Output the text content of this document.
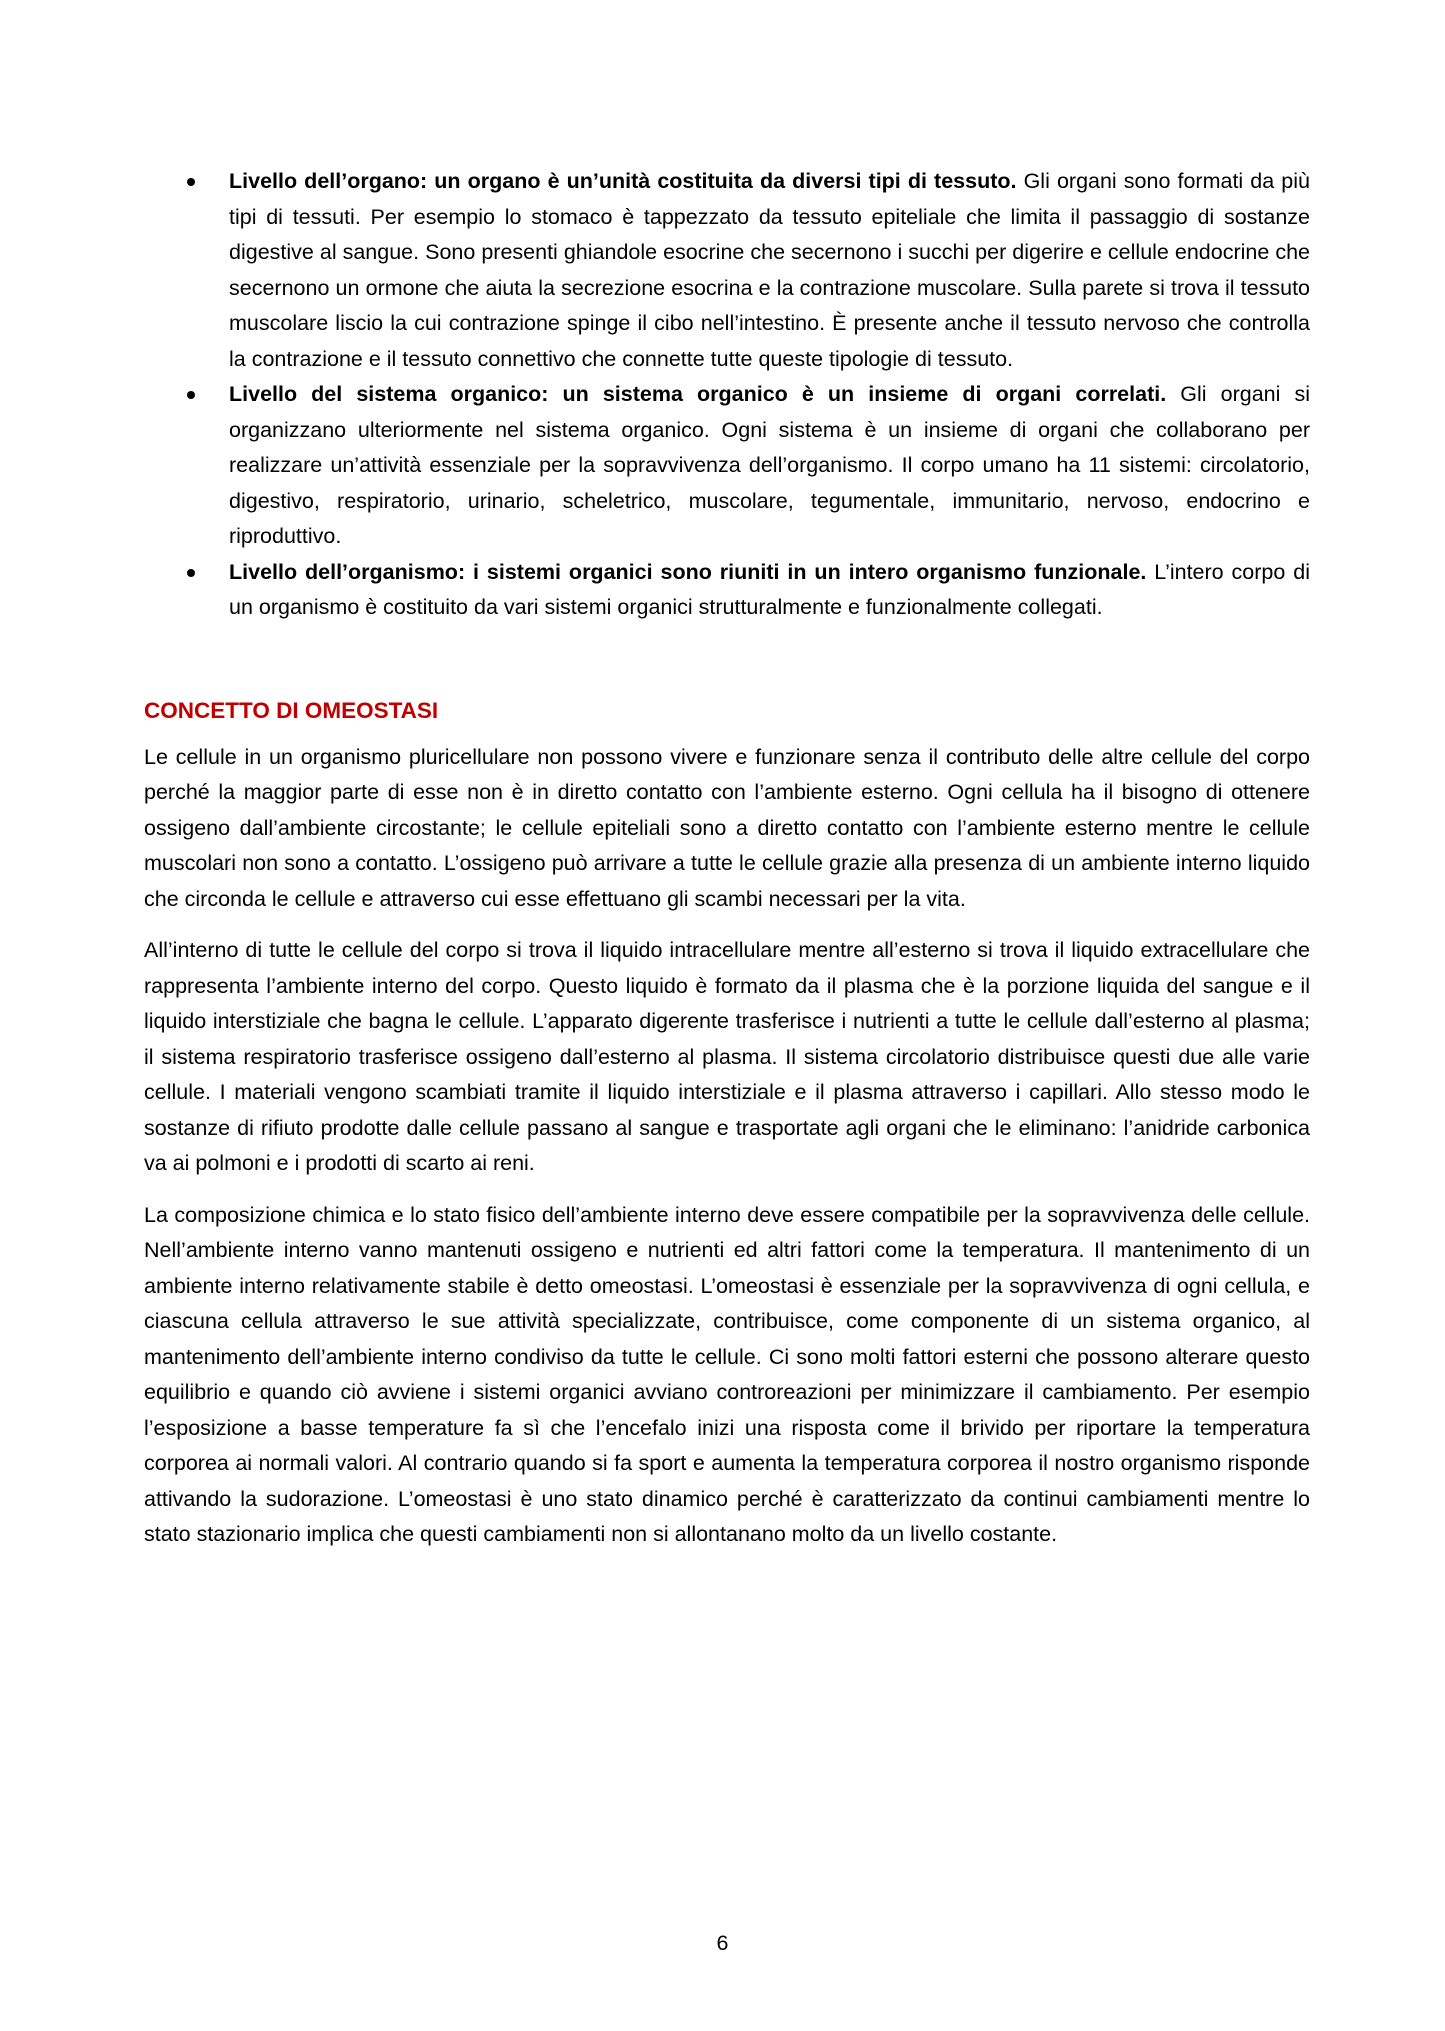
Livello dell’organo: un organo è un’unità costituita da diversi tipi di tessuto. Gli organi sono formati da più tipi di tessuti. Per esempio lo stomaco è tappezzato da tessuto epiteliale che limita il passaggio di sostanze digestive al sangue. Sono presenti ghiandole esocrine che secernono i succhi per digerire e cellule endocrine che secernono un ormone che aiuta la secrezione esocrina e la contrazione muscolare. Sulla parete si trova il tessuto muscolare liscio la cui contrazione spinge il cibo nell’intestino. È presente anche il tessuto nervoso che controlla la contrazione e il tessuto connettivo che connette tutte queste tipologie di tessuto.
Livello del sistema organico: un sistema organico è un insieme di organi correlati. Gli organi si organizzano ulteriormente nel sistema organico. Ogni sistema è un insieme di organi che collaborano per realizzare un’attività essenziale per la sopravvivenza dell’organismo. Il corpo umano ha 11 sistemi: circolatorio, digestivo, respiratorio, urinario, scheletrico, muscolare, tegumentale, immunitario, nervoso, endocrino e riproduttivo.
Livello dell’organismo: i sistemi organici sono riuniti in un intero organismo funzionale. L’intero corpo di un organismo è costituito da vari sistemi organici strutturalmente e funzionalmente collegati.
CONCETTO DI OMEOSTASI

Le cellule in un organismo pluricellulare non possono vivere e funzionare senza il contributo delle altre cellule del corpo perché la maggior parte di esse non è in diretto contatto con l’ambiente esterno. Ogni cellula ha il bisogno di ottenere ossigeno dall’ambiente circostante; le cellule epiteliali sono a diretto contatto con l’ambiente esterno mentre le cellule muscolari non sono a contatto. L’ossigeno può arrivare a tutte le cellule grazie alla presenza di un ambiente interno liquido che circonda le cellule e attraverso cui esse effettuano gli scambi necessari per la vita.

All’interno di tutte le cellule del corpo si trova il liquido intracellulare mentre all’esterno si trova il liquido extracellulare che rappresenta l’ambiente interno del corpo. Questo liquido è formato da il plasma che è la porzione liquida del sangue e il liquido interstiziale che bagna le cellule. L’apparato digerente trasferisce i nutrienti a tutte le cellule dall’esterno al plasma; il sistema respiratorio trasferisce ossigeno dall’esterno al plasma. Il sistema circolatorio distribuisce questi due alle varie cellule. I materiali vengono scambiati tramite il liquido interstiziale e il plasma attraverso i capillari. Allo stesso modo le sostanze di rifiuto prodotte dalle cellule passano al sangue e trasportate agli organi che le eliminano: l’anidride carbonica va ai polmoni e i prodotti di scarto ai reni.

La composizione chimica e lo stato fisico dell’ambiente interno deve essere compatibile per la sopravvivenza delle cellule. Nell’ambiente interno vanno mantenuti ossigeno e nutrienti ed altri fattori come la temperatura. Il mantenimento di un ambiente interno relativamente stabile è detto omeostasi. L’omeostasi è essenziale per la sopravvivenza di ogni cellula, e ciascuna cellula attraverso le sue attività specializzate, contribuisce, come componente di un sistema organico, al mantenimento dell’ambiente interno condiviso da tutte le cellule. Ci sono molti fattori esterni che possono alterare questo equilibrio e quando ciò avviene i sistemi organici avviano controreazioni per minimizzare il cambiamento. Per esempio l’esposizione a basse temperature fa sì che l’encefalo inizi una risposta come il brivido per riportare la temperatura corporea ai normali valori. Al contrario quando si fa sport e aumenta la temperatura corporea il nostro organismo risponde attivando la sudorazione. L’omeostasi è uno stato dinamico perché è caratterizzato da continui cambiamenti mentre lo stato stazionario implica che questi cambiamenti non si allontanano molto da un livello costante.

6
